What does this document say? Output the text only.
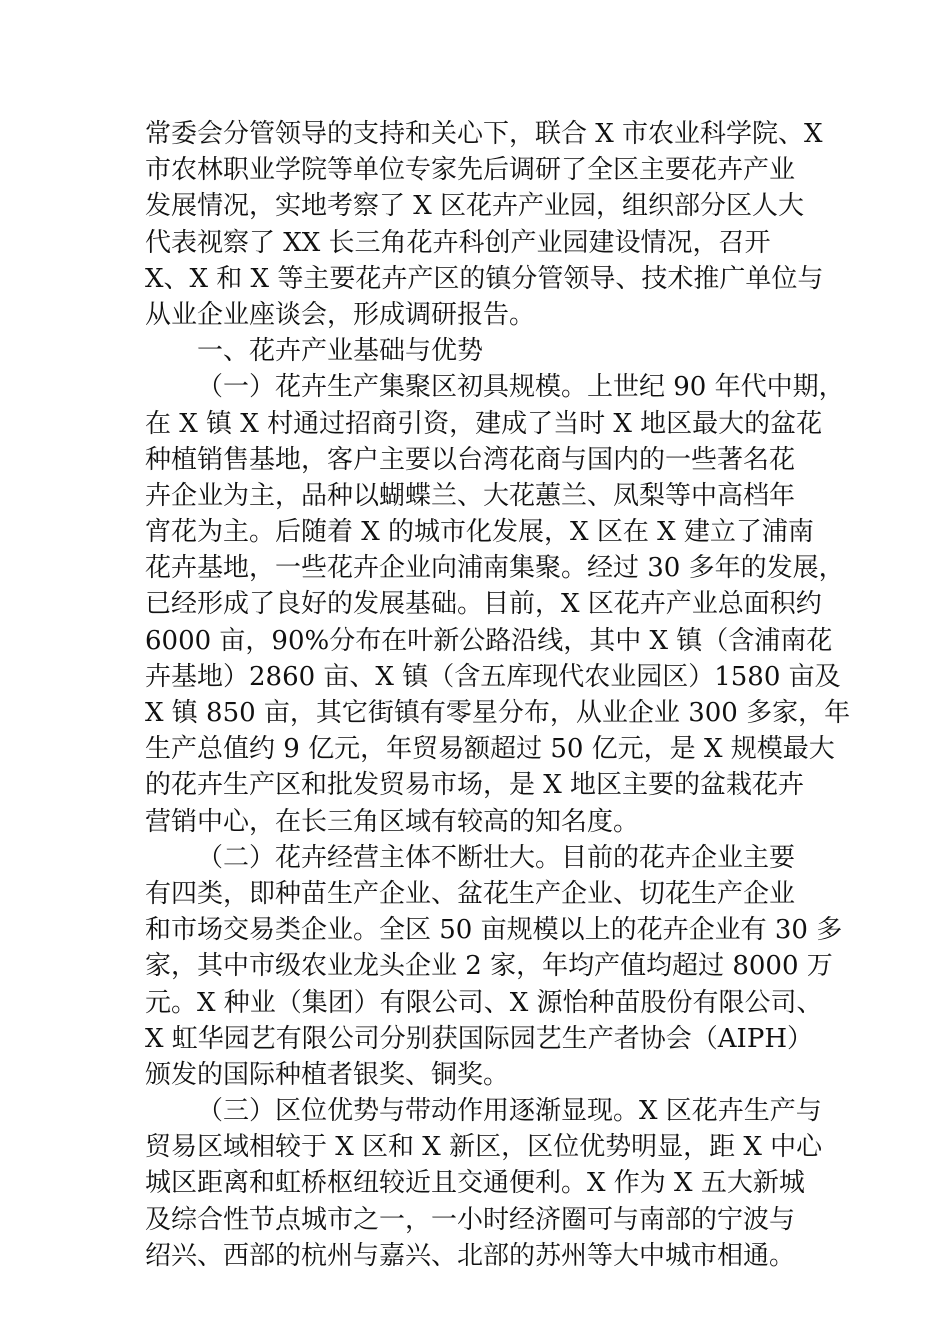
常委会分管领导的支持和关心下，联合 X 市农业科学院、X
市农林职业学院等单位专家先后调研了全区主要花卉产业
发展情况，实地考察了 X 区花卉产业园，组织部分区人大
代表视察了 XX 长三角花卉科创产业园建设情况，召开
X、X 和 X 等主要花卉产区的镇分管领导、技术推广单位与
从业企业座谈会，形成调研报告。
一、花卉产业基础与优势
（一）花卉生产集聚区初具规模。上世纪 90 年代中期，
在 X 镇 X 村通过招商引资，建成了当时 X 地区最大的盆花
种植销售基地，客户主要以台湾花商与国内的一些著名花
卉企业为主，品种以蝴蝶兰、大花蕙兰、凤梨等中高档年
宵花为主。后随着 X 的城市化发展，X 区在 X 建立了浦南
花卉基地，一些花卉企业向浦南集聚。经过 30 多年的发展，
已经形成了良好的发展基础。目前，X 区花卉产业总面积约
6000 亩，90%分布在叶新公路沿线，其中 X 镇（含浦南花
卉基地）2860 亩、X 镇（含五库现代农业园区）1580 亩及
X 镇 850 亩，其它街镇有零星分布，从业企业 300 多家，年
生产总值约 9 亿元，年贸易额超过 50 亿元，是 X 规模最大
的花卉生产区和批发贸易市场，是 X 地区主要的盆栽花卉
营销中心，在长三角区域有较高的知名度。
（二）花卉经营主体不断壮大。目前的花卉企业主要
有四类，即种苗生产企业、盆花生产企业、切花生产企业
和市场交易类企业。全区 50 亩规模以上的花卉企业有 30 多
家，其中市级农业龙头企业 2 家，年均产值均超过 8000 万
元。X 种业（集团）有限公司、X 源怡种苗股份有限公司、
X 虹华园艺有限公司分别获国际园艺生产者协会（AIPH）
颁发的国际种植者银奖、铜奖。
（三）区位优势与带动作用逐渐显现。X 区花卉生产与
贸易区域相较于 X 区和 X 新区，区位优势明显，距 X 中心
城区距离和虹桥枢纽较近且交通便利。X 作为 X 五大新城
及综合性节点城市之一，一小时经济圈可与南部的宁波与
绍兴、西部的杭州与嘉兴、北部的苏州等大中城市相通。
